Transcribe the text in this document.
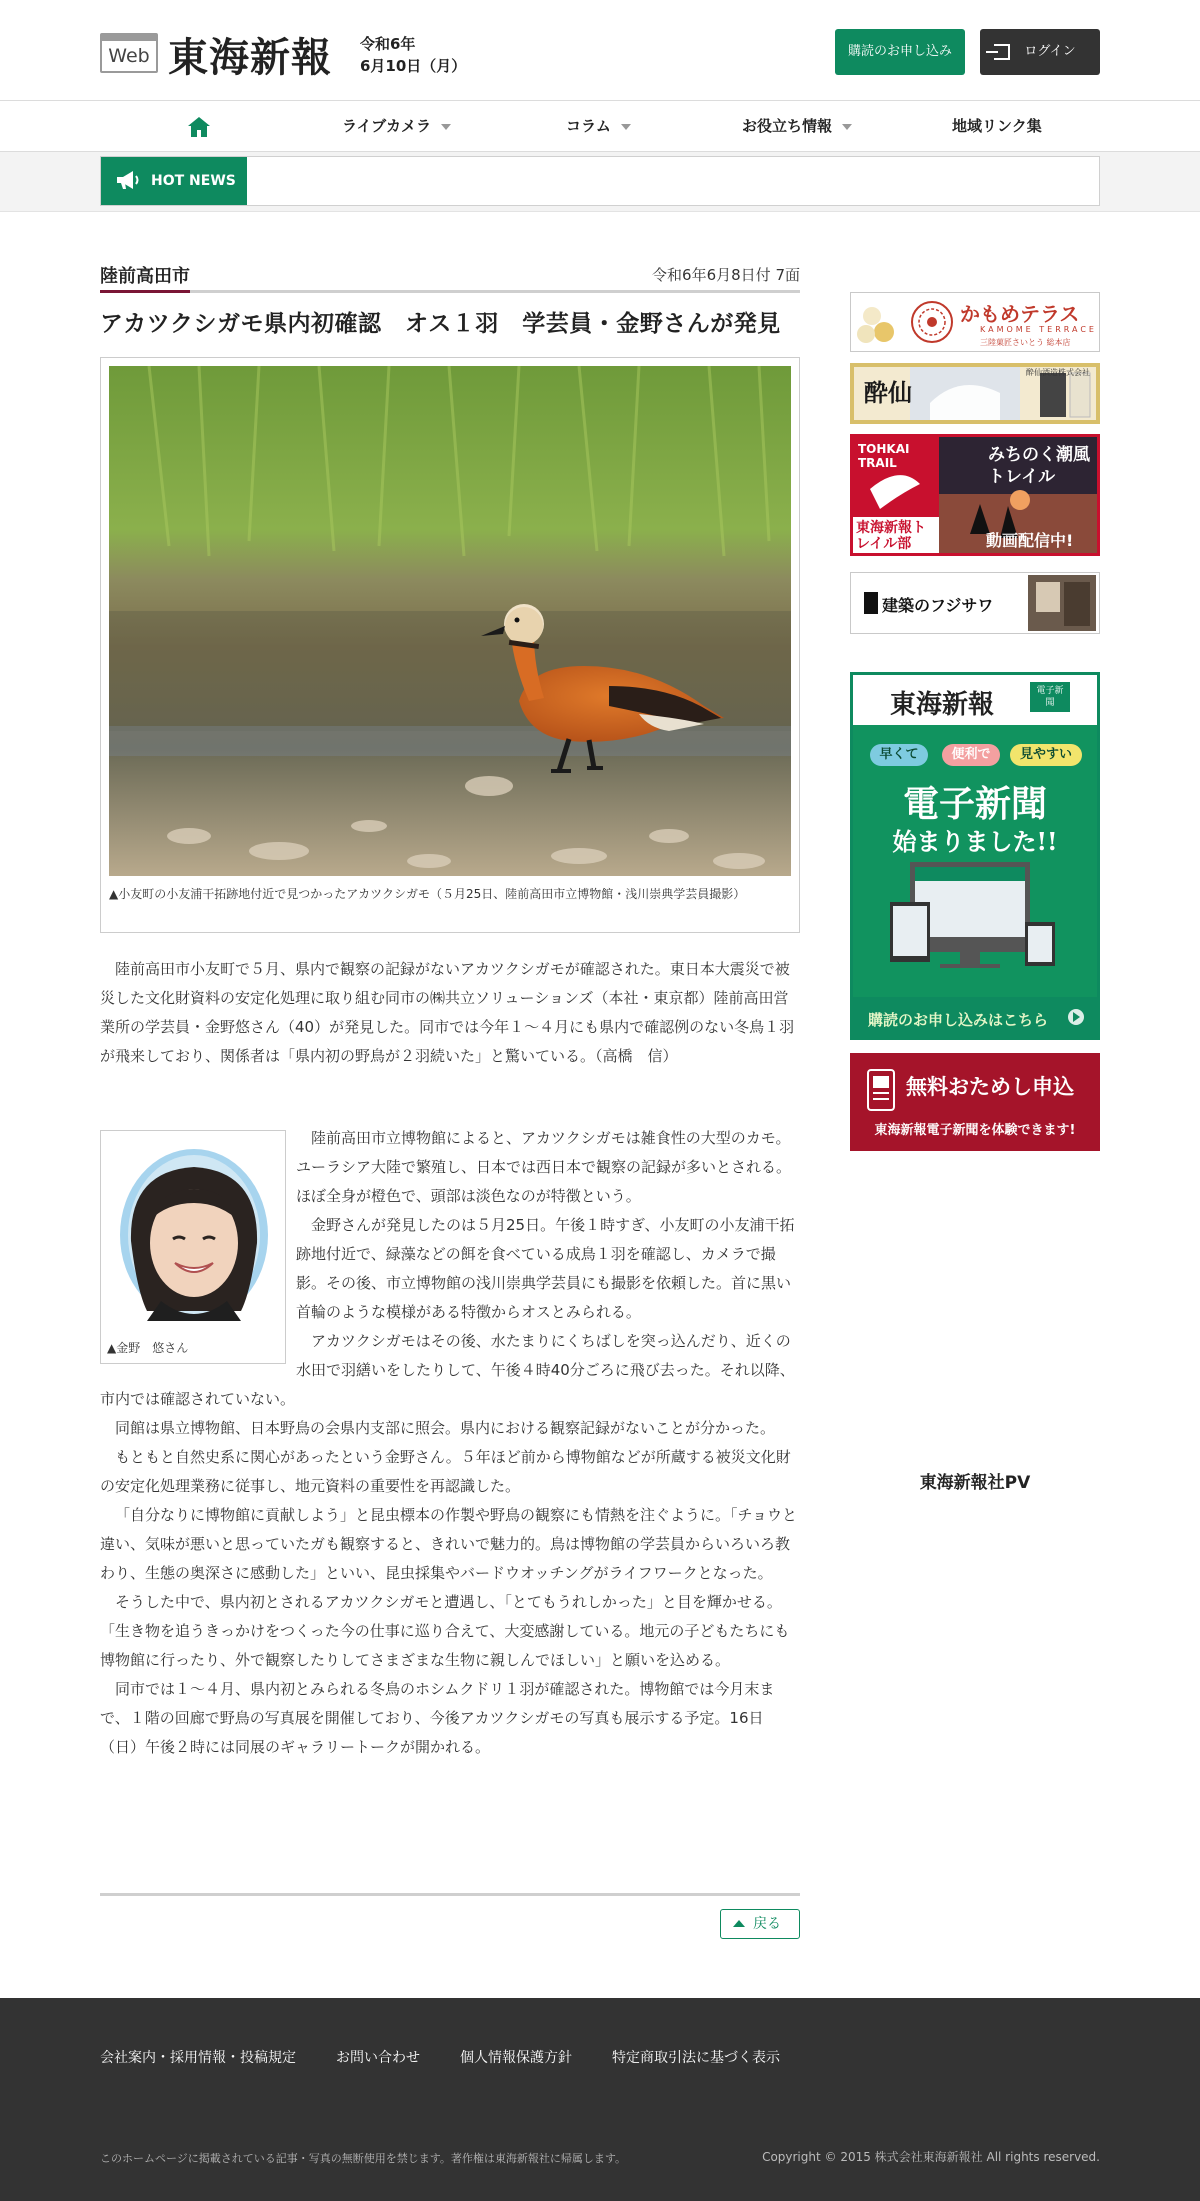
Web 東海新報 令和6年
6月10日（月）
購読のお申し込み	ログイン
ライブカメラ	コラム	お役立ち情報	地域リンク集
HOT NEWS
陸前高田市	令和6年6月8日付 7面
アカツクシガモ県内初確認　オス１羽　学芸員・金野さんが発見
▲小友町の小友浦干拓跡地付近で見つかったアカツクシガモ（５月25日、陸前高田市立博物館・浅川崇典学芸員撮影）

　陸前高田市小友町で５月、県内で観察の記録がないアカツクシガモが確認された。東日本大震災で被災した文化財資料の安定化処理に取り組む同市の㈱共立ソリューションズ（本社・東京都）陸前高田営業所の学芸員・金野悠さん（40）が発見した。同市では今年１～４月にも県内で確認例のない冬鳥１羽が飛来しており、関係者は「県内初の野鳥が２羽続いた」と驚いている。（高橋　信）

陸前高田市立博物館によると、アカツクシガモは雑食性の大型のカモ。ユーラシア大陸で繁殖し、日本では西日本で観察の記録が多いとされる。ほぼ全身が橙色で、頭部は淡色なのが特徴という。

金野さんが発見したのは５月25日。午後１時すぎ、小友町の小友浦干拓跡地付近で、緑藻などの餌を食べている成鳥１羽を確認し、カメラで撮影。その後、市立博物館の浅川崇典学芸員にも撮影を依頼した。首に黒い首輪のような模様がある特徴からオスとみられる。

アカツクシガモはその後、水たまりにくちばしを突っ込んだり、近くの水田で羽繕いをしたりして、午後４時40分ごろに飛び去った。それ以降、市内では確認されていない。

同館は県立博物館、日本野鳥の会県内支部に照会。県内における観察記録がないことが分かった。

もともと自然史系に関心があったという金野さん。５年ほど前から博物館などが所蔵する被災文化財の安定化処理業務に従事し、地元資料の重要性を再認識した。

「自分なりに博物館に貢献しよう」と昆虫標本の作製や野鳥の観察にも情熱を注ぐように。「チョウと違い、気味が悪いと思っていたガも観察すると、きれいで魅力的。鳥は博物館の学芸員からいろいろ教わり、生態の奥深さに感動した」といい、昆虫採集やバードウオッチングがライフワークとなった。

そうした中で、県内初とされるアカツクシガモと遭遇し、「とてもうれしかった」と目を輝かせる。「生き物を追うきっかけをつくった今の仕事に巡り合えて、大変感謝している。地元の子どもたちにも博物館に行ったり、外で観察したりしてさまざまな生物に親しんでほしい」と願いを込める。

同市では１～４月、県内初とみられる冬鳥のホシムクドリ１羽が確認された。博物館では今月末まで、１階の回廊で野鳥の写真展を開催しており、今後アカツクシガモの写真も展示する予定。16日（日）午後２時には同展のギャラリートークが開かれる。

▲金野　悠さん
戻る
かもめテラス
KAMOME TERRACE
三陸菓匠さいとう 総本店
酔仙
酔仙酒造株式会社
TOHKAI TRAIL	みちのく潮風トレイル
東海新報トレイル部	動画配信中!
建築のフジサワ
東海新報	電子新聞
早くて	便利で	見やすい
電子新聞
始まりました!!
購読のお申し込みはこちら
無料おためし申込
東海新報電子新聞を体験できます!
東海新報社PV
会社案内・採用情報・投稿規定	お問い合わせ	個人情報保護方針	特定商取引法に基づく表示
このホームページに掲載されている記事・写真の無断使用を禁じます。著作権は東海新報社に帰属します。	Copyright © 2015 株式会社東海新報社 All rights reserved.
